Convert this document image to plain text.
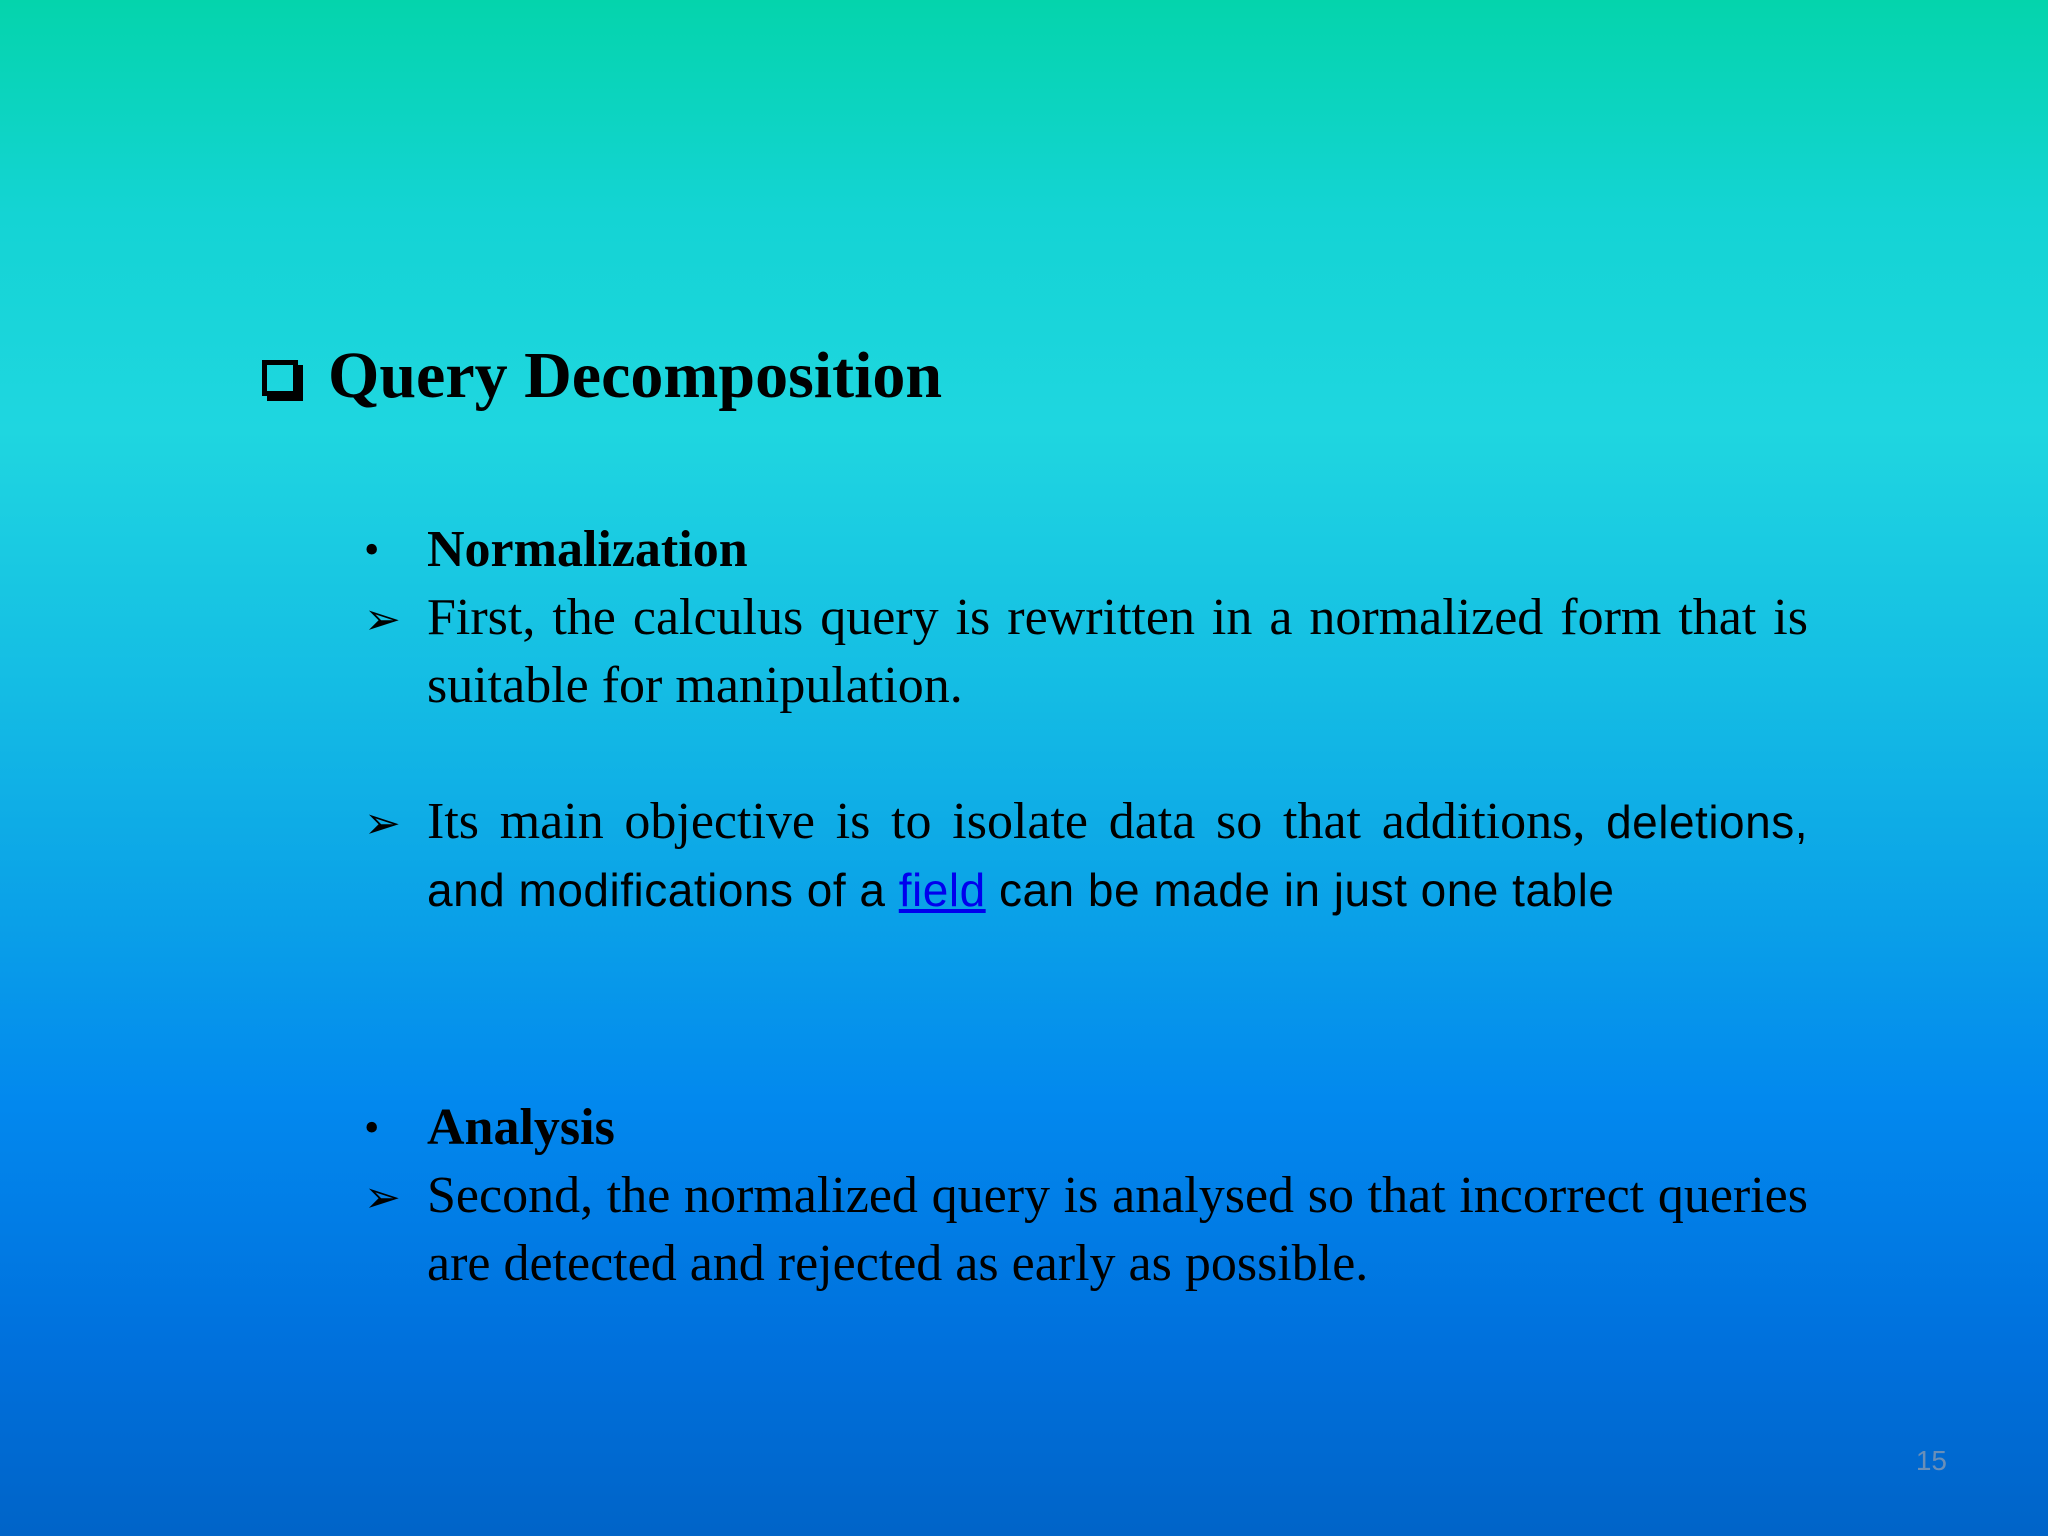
Query Decomposition
• Normalization
➢ First, the calculus query is rewritten in a normalized form that is suitable for manipulation.
➢ Its main objective is to isolate data so that additions, deletions, and modifications of a field can be made in just one table
• Analysis
➢ Second, the normalized query is analysed so that incorrect queries are detected and rejected as early as possible.
15
